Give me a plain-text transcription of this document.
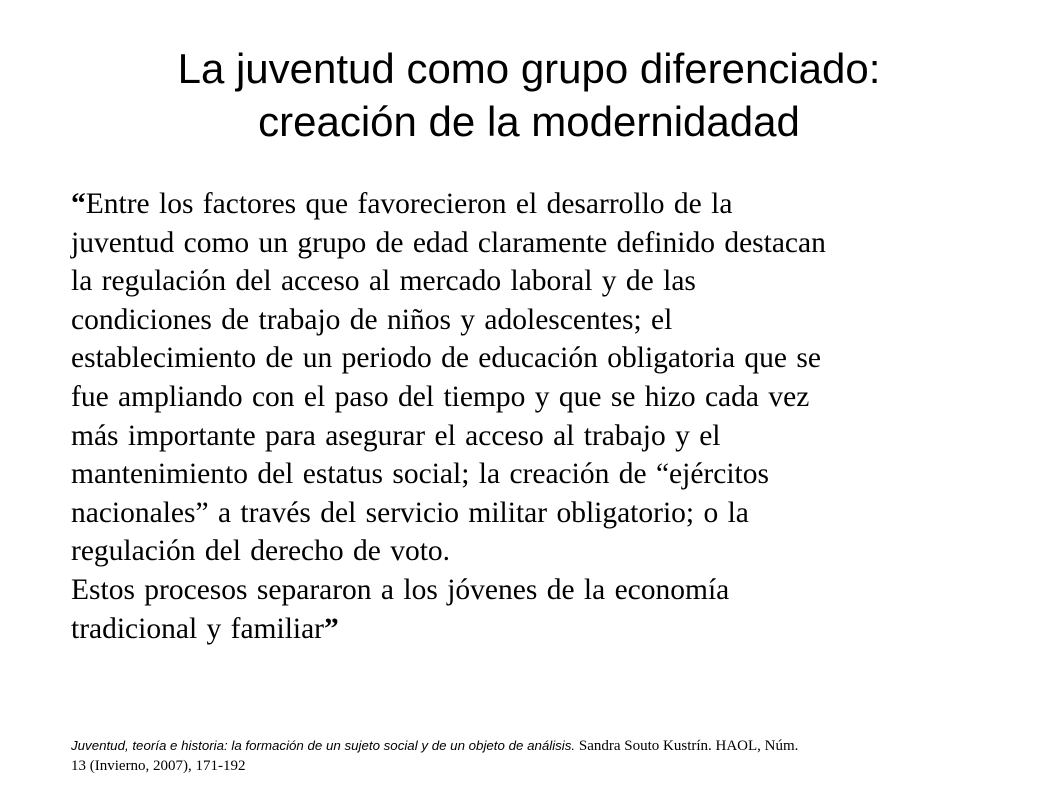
La juventud como grupo diferenciado:
creación de la modernidadad
“Entre los factores que favorecieron el desarrollo de la
juventud como un grupo de edad claramente definido destacan
la regulación del acceso al mercado laboral y de las
condiciones de trabajo de niños y adolescentes; el
establecimiento de un periodo de educación obligatoria que se
fue ampliando con el paso del tiempo y que se hizo cada vez
más importante para asegurar el acceso al trabajo y el
mantenimiento del estatus social; la creación de “ejércitos
nacionales” a través del servicio militar obligatorio; o la
regulación del derecho de voto.
Estos procesos separaron a los jóvenes de la economía
tradicional y familiar”
Juventud, teoría e historia: la formación de un sujeto social y de un objeto de análisis. Sandra Souto Kustrín. HAOL, Núm.
13 (Invierno, 2007), 171-192
